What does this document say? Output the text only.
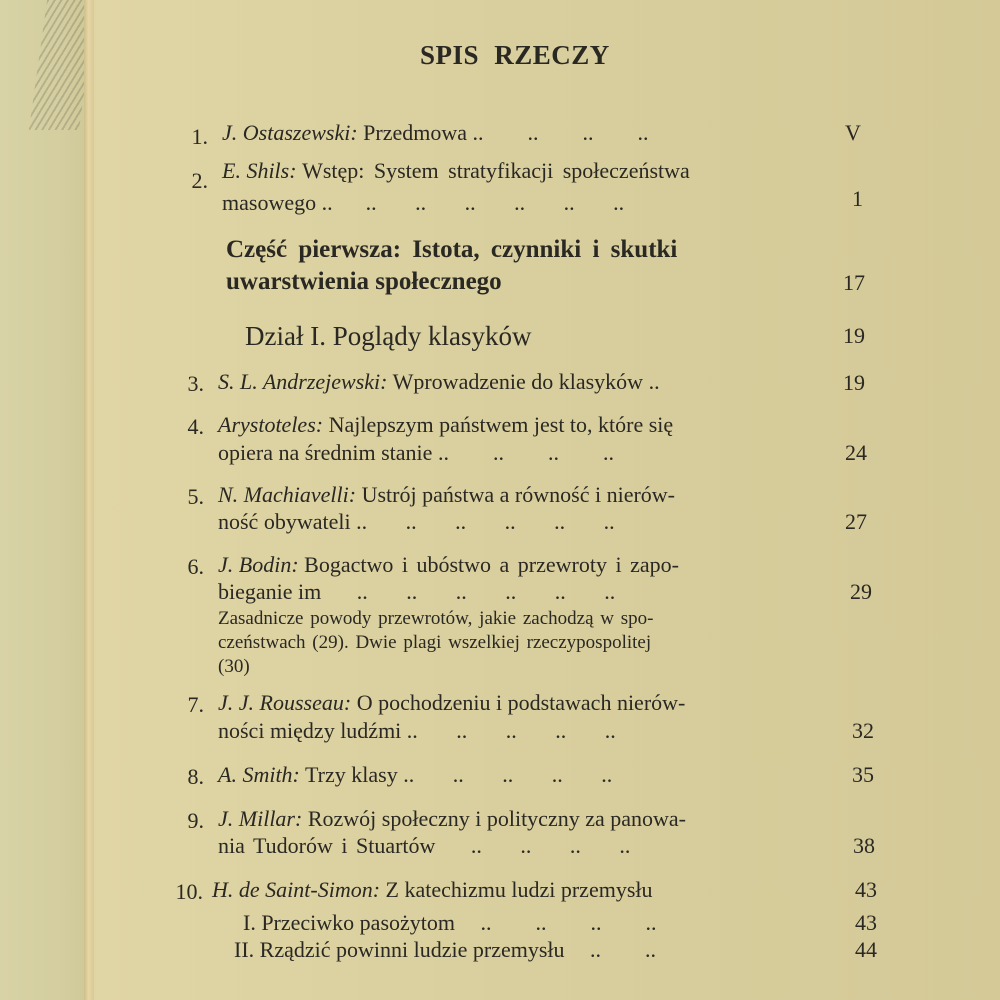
SPIS RZECZY
1. J. Ostaszewski: Przedmowa ..        ..        ..        ..	V
2. E. Shils: Wstęp: System stratyfikacji społeczeństwa
masowego ..      ..       ..       ..       ..       ..       ..	1
Część pierwsza: Istota, czynniki i skutki
uwarstwienia społecznego	17
Dział I. Poglądy klasyków	19
3. S. L. Andrzejewski: Wprowadzenie do klasyków ..	19
4. Arystoteles: Najlepszym państwem jest to, które się
opiera na średnim stanie ..        ..        ..        ..	24
5. N. Machiavelli: Ustrój państwa a równość i nierów-
ność obywateli ..       ..       ..       ..       ..       ..	27
6. J. Bodin: Bogactwo i ubóstwo a przewroty i zapo-
bieganie im ..       ..       ..       ..       ..       ..	29
Zasadnicze powody przewrotów, jakie zachodzą w spo-
czeństwach (29). Dwie plagi wszelkiej rzeczypospolitej
(30)
7. J. J. Rousseau: O pochodzeniu i podstawach nierów-
ności między ludźmi ..       ..       ..       ..       ..	32
8. A. Smith: Trzy klasy ..       ..       ..       ..       ..	35
9. J. Millar: Rozwój społeczny i polityczny za panowa-
nia Tudorów i Stuartów ..       ..       ..       ..	38
10. H. de Saint-Simon: Z katechizmu ludzi przemysłu	43
I. Przeciwko pasożytom ..        ..        ..        ..	43
II. Rządzić powinni ludzie przemysłu ..        ..	44
